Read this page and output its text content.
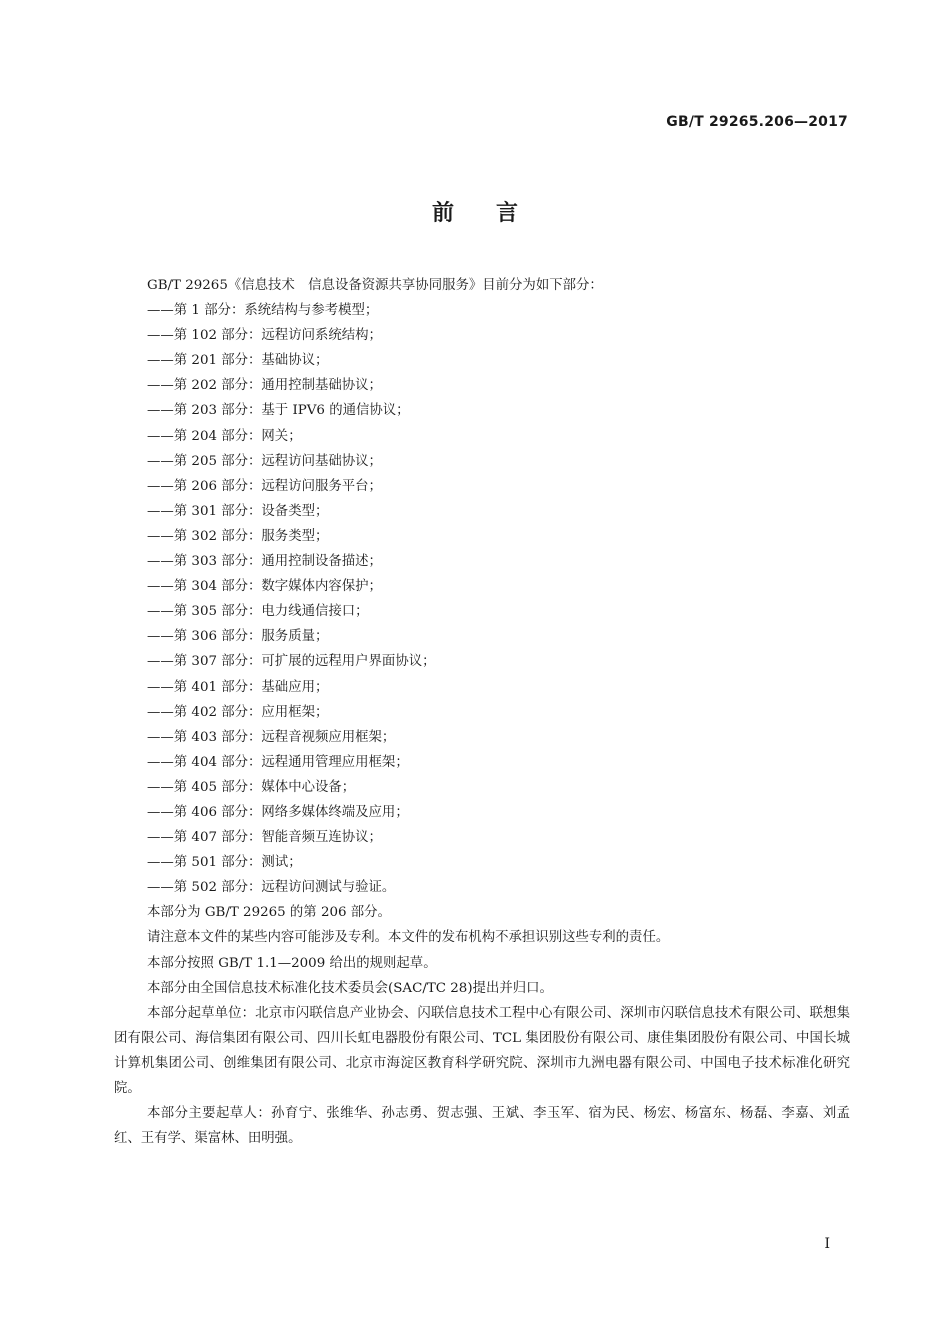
GB/T 29265.206—2017
前言

GB/T 29265《信息技术　信息设备资源共享协同服务》目前分为如下部分：

——第 1 部分：系统结构与参考模型；

——第 102 部分：远程访问系统结构；

——第 201 部分：基础协议；

——第 202 部分：通用控制基础协议；

——第 203 部分：基于 IPV6 的通信协议；

——第 204 部分：网关；

——第 205 部分：远程访问基础协议；

——第 206 部分：远程访问服务平台；

——第 301 部分：设备类型；

——第 302 部分：服务类型；

——第 303 部分：通用控制设备描述；

——第 304 部分：数字媒体内容保护；

——第 305 部分：电力线通信接口；

——第 306 部分：服务质量；

——第 307 部分：可扩展的远程用户界面协议；

——第 401 部分：基础应用；

——第 402 部分：应用框架；

——第 403 部分：远程音视频应用框架；

——第 404 部分：远程通用管理应用框架；

——第 405 部分：媒体中心设备；

——第 406 部分：网络多媒体终端及应用；

——第 407 部分：智能音频互连协议；

——第 501 部分：测试；

——第 502 部分：远程访问测试与验证。

本部分为 GB/T 29265 的第 206 部分。

请注意本文件的某些内容可能涉及专利。本文件的发布机构不承担识别这些专利的责任。

本部分按照 GB/T 1.1—2009 给出的规则起草。

本部分由全国信息技术标准化技术委员会(SAC/TC 28)提出并归口。

本部分起草单位：北京市闪联信息产业协会、闪联信息技术工程中心有限公司、深圳市闪联信息技术有限公司、联想集团有限公司、海信集团有限公司、四川长虹电器股份有限公司、TCL 集团股份有限公司、康佳集团股份有限公司、中国长城计算机集团公司、创维集团有限公司、北京市海淀区教育科学研究院、深圳市九洲电器有限公司、中国电子技术标准化研究院。

本部分主要起草人：孙育宁、张维华、孙志勇、贺志强、王斌、李玉军、宿为民、杨宏、杨富东、杨磊、李嘉、刘孟红、王有学、渠富林、田明强。

I
